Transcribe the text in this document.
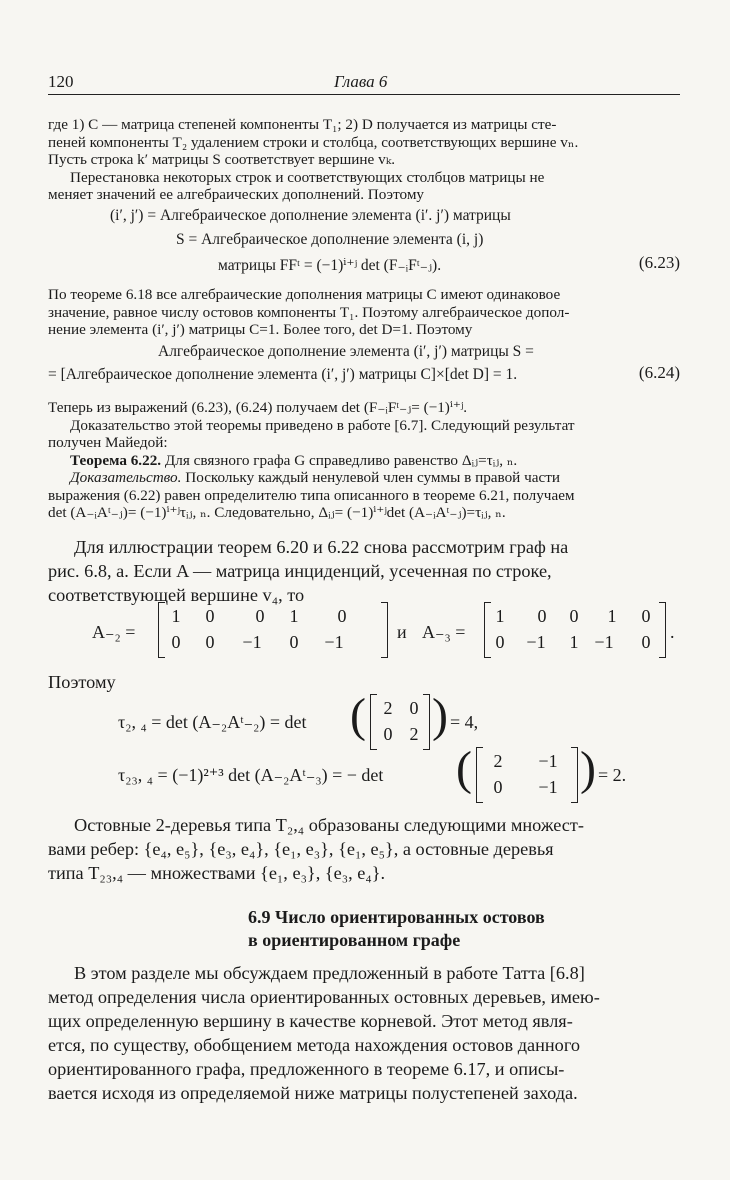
120	Глава 6

где 1) C — матрица степеней компоненты T₁; 2) D получается из матрицы сте-

пеней компоненты T₂ удалением строки и столбца, соответствующих вершине vₙ.

Пусть строка k′ матрицы S соответствует вершине vₖ.

Перестановка некоторых строк и соответствующих столбцов матрицы не

меняет значений ее алгебраических дополнений. Поэтому

(i′, j′) = Алгебраическое дополнение элемента (i′. j′) матрицы
S = Алгебраическое дополнение элемента (i, j)
матрицы FFᵗ = (−1)ⁱ⁺ʲ det (F₋ᵢFᵗ₋ⱼ).	(6.23)

По теореме 6.18 все алгебраические дополнения матрицы C имеют одинаковое

значение, равное числу остовов компоненты T₁. Поэтому алгебраическое допол-

нение элемента (i′, j′) матрицы C=1. Более того, det D=1. Поэтому

Алгебраическое дополнение элемента (i′, j′) матрицы S =
= [Алгебраическое дополнение элемента (i′, j′) матрицы C]×[det D] = 1.	(6.24)

Теперь из выражений (6.23), (6.24) получаем det (F₋ᵢFᵗ₋ⱼ= (−1)ⁱ⁺ʲ.

Доказательство этой теоремы приведено в работе [6.7]. Следующий результат

получен Майедой:

Теорема 6.22. Для связного графа G справедливо равенство Δᵢⱼ=τᵢⱼ, ₙ.

Доказательство. Поскольку каждый ненулевой член суммы в правой части

выражения (6.22) равен определителю типа описанного в теореме 6.21, получаем

det (A₋ᵢAᵗ₋ⱼ)= (−1)ⁱ⁺ʲτᵢⱼ, ₙ. Следовательно, Δᵢⱼ= (−1)ⁱ⁺ʲdet (A₋ᵢAᵗ₋ⱼ)=τᵢⱼ, ₙ.

Для иллюстрации теорем 6.20 и 6.22 снова рассмотрим граф на

рис. 6.8, a. Если A — матрица инциденций, усеченная по строке,

соответствующей вершине v₄, то

A₋₂ =
1	0	0	1	0
0	0	−1	0	−1	и A₋₃ =
1	0	0	1	0
0	−1	1 −1	0	.

Поэтому

τ₂, ₄ = det (A₋₂Aᵗ₋₂) = det ( 2 0
0 2 ) = 4,
τ₂₃, ₄ = (−1)²⁺³ det (A₋₂Aᵗ₋₃) = − det (	2	−1
0	−1 ) = 2.

Остовные 2-деревья типа T₂,₄ образованы следующими множест-

вами ребер: {e₄, e₅}, {e₃, e₄}, {e₁, e₃}, {e₁, e₅}, а остовные деревья

типа T₂₃,₄ — множествами {e₁, e₃}, {e₃, e₄}.

6.9 Число ориентированных остовов
в ориентированном графе

В этом разделе мы обсуждаем предложенный в работе Татта [6.8]

метод определения числа ориентированных остовных деревьев, имею-

щих определенную вершину в качестве корневой. Этот метод явля-

ется, по существу, обобщением метода нахождения остовов данного

ориентированного графа, предложенного в теореме 6.17, и описы-

вается исходя из определяемой ниже матрицы полустепеней захода.
